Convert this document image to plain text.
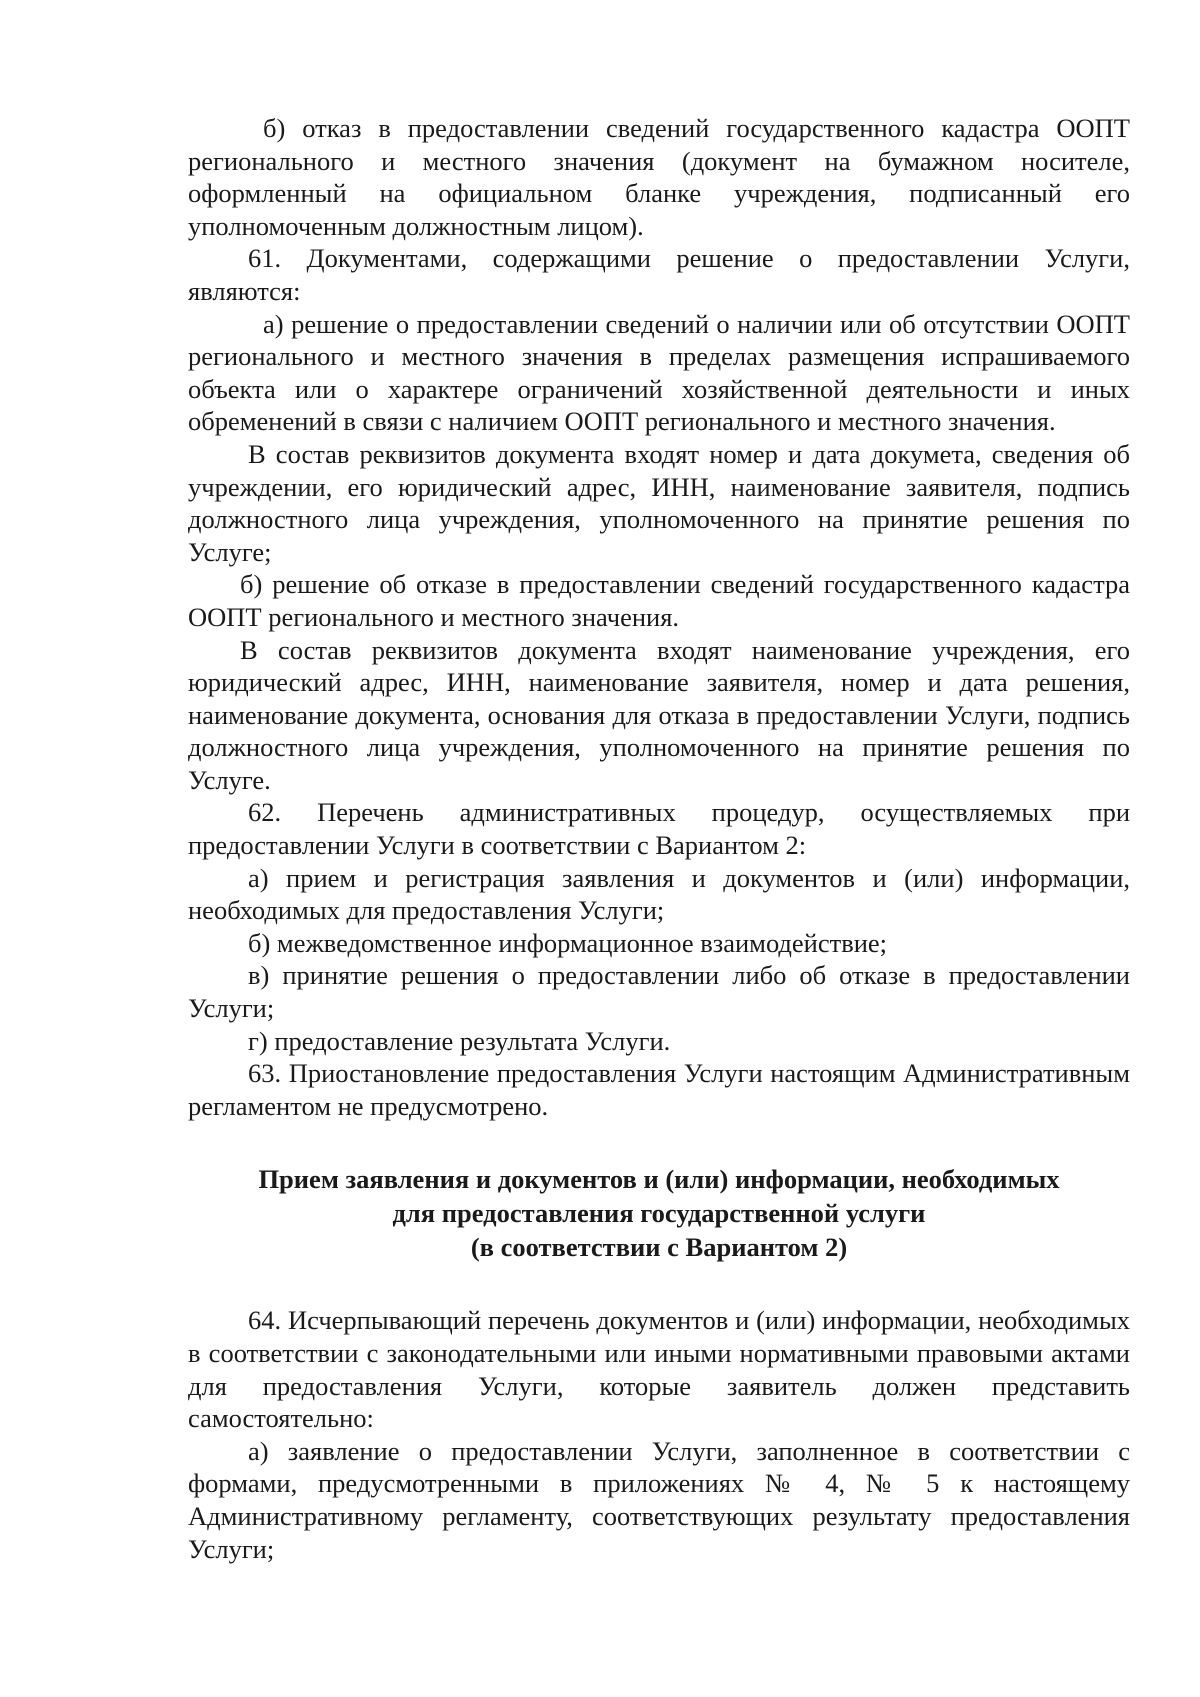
б) отказ в предоставлении сведений государственного кадастра ООПТ регионального и местного значения (документ на бумажном носителе, оформленный на официальном бланке учреждения, подписанный его уполномоченным должностным лицом).

61. Документами, содержащими решение о предоставлении Услуги, являются:

а) решение о предоставлении сведений о наличии или об отсутствии ООПТ регионального и местного значения в пределах размещения испрашиваемого объекта или о характере ограничений хозяйственной деятельности и иных обременений в связи с наличием ООПТ регионального и местного значения.

В состав реквизитов документа входят номер и дата докумета, сведения об учреждении, его юридический адрес, ИНН, наименование заявителя, подпись должностного лица учреждения, уполномоченного на принятие решения по Услуге;

б) решение об отказе в предоставлении сведений государственного кадастра ООПТ регионального и местного значения.

В состав реквизитов документа входят наименование учреждения, его юридический адрес, ИНН, наименование заявителя, номер и дата решения, наименование документа, основания для отказа в предоставлении Услуги, подпись должностного лица учреждения, уполномоченного на принятие решения по Услуге.

62. Перечень административных процедур, осуществляемых при предоставлении Услуги в соответствии с Вариантом 2:

а) прием и регистрация заявления и документов и (или) информации, необходимых для предоставления Услуги;

б) межведомственное информационное взаимодействие;

в) принятие решения о предоставлении либо об отказе в предоставлении Услуги;

г) предоставление результата Услуги.

63. Приостановление предоставления Услуги настоящим Административным регламентом не предусмотрено.

Прием заявления и документов и (или) информации, необходимых
для предоставления государственной услуги
(в соответствии с Вариантом 2)

64. Исчерпывающий перечень документов и (или) информации, необходимых в соответствии с законодательными или иными нормативными правовыми актами для предоставления Услуги, которые заявитель должен представить самостоятельно:

а) заявление о предоставлении Услуги, заполненное в соответствии с формами, предусмотренными в приложениях № 4, № 5 к настоящему Административному регламенту, соответствующих результату предоставления Услуги;
